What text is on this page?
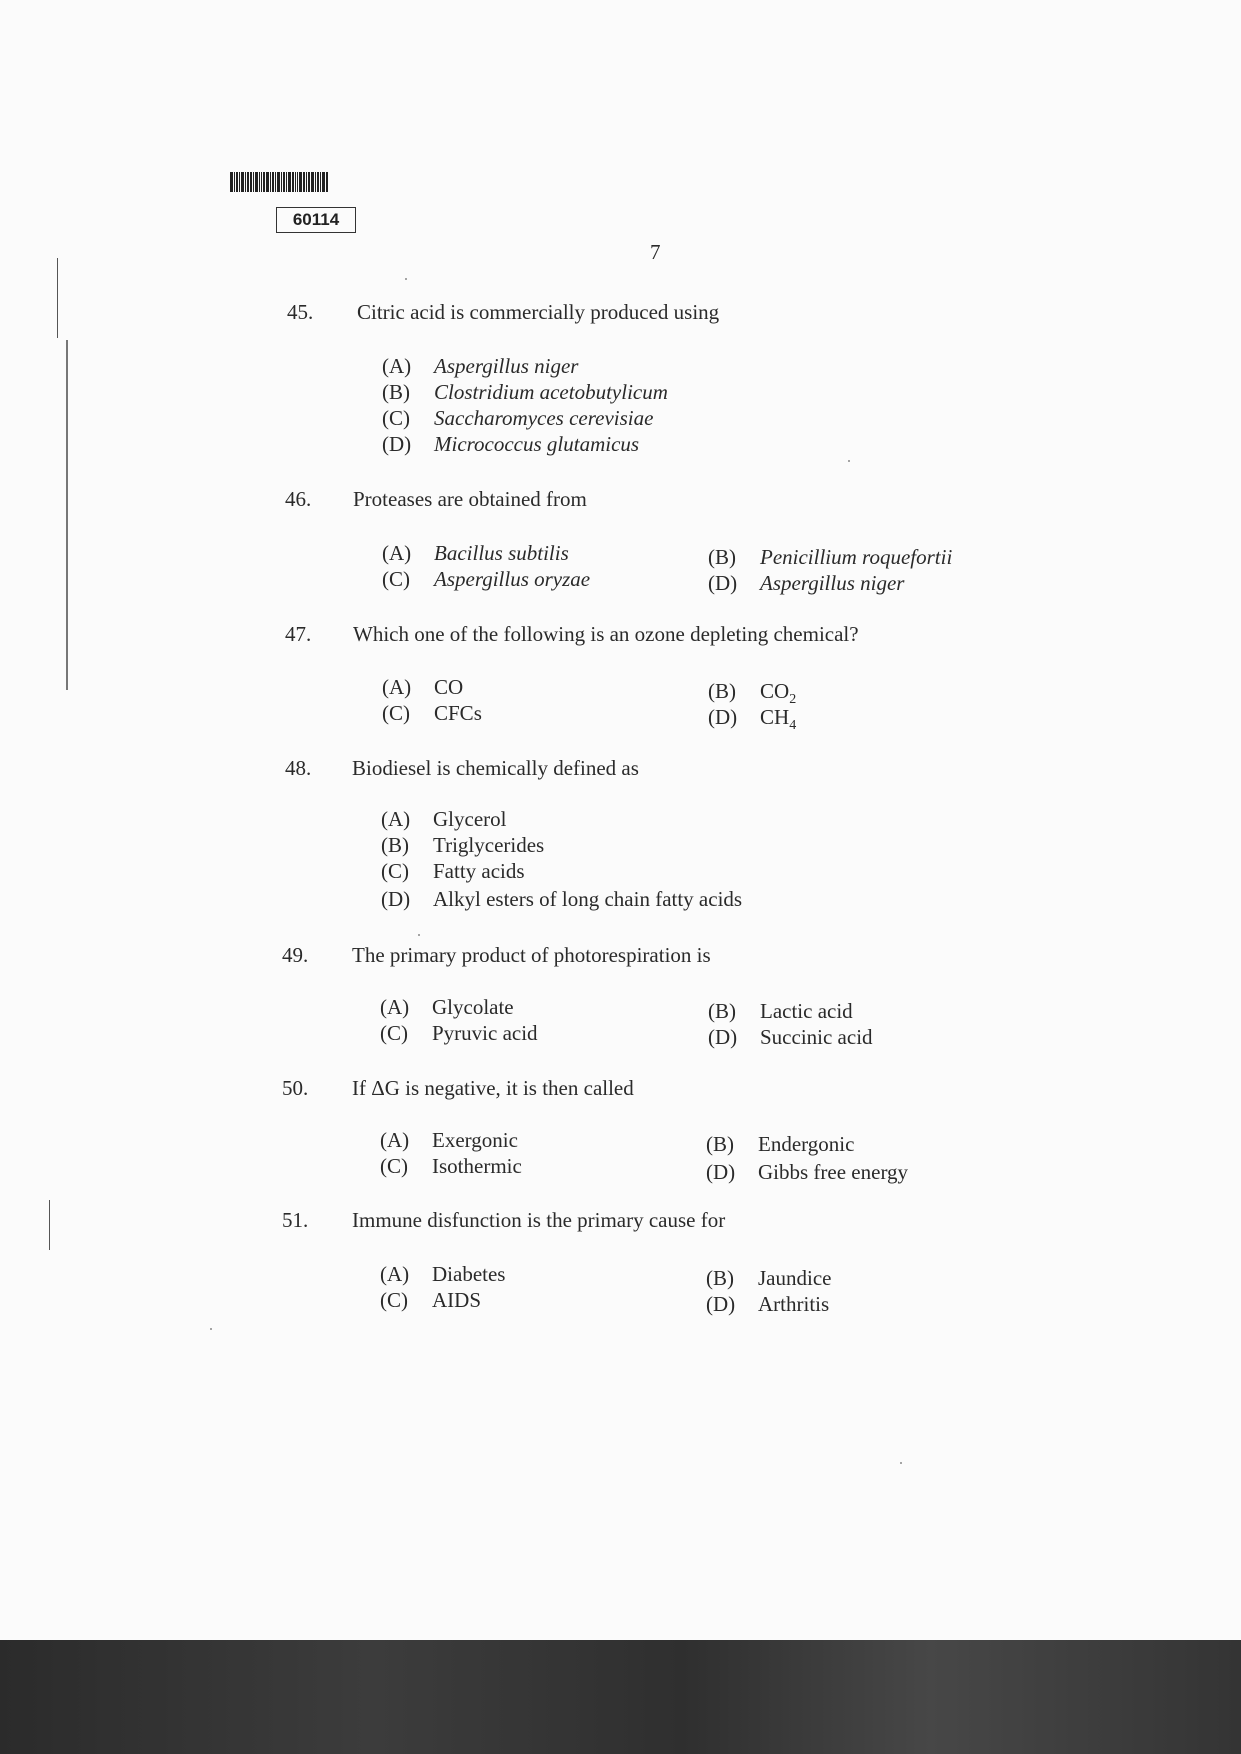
60114
7
45. Citric acid is commercially produced using
(A) Aspergillus niger
(B) Clostridium acetobutylicum
(C) Saccharomyces cerevisiae
(D) Micrococcus glutamicus
46. Proteases are obtained from
(A) Bacillus subtilis	(B) Penicillium roquefortii
(C) Aspergillus oryzae	(D) Aspergillus niger
47. Which one of the following is an ozone depleting chemical?
(A) CO	(B) $CO_2$
(C) CFCs	(D) $CH_4$
48. Biodiesel is chemically defined as
(A) Glycerol
(B) Triglycerides
(C) Fatty acids
(D) Alkyl esters of long chain fatty acids
49. The primary product of photorespiration is
(A) Glycolate	(B) Lactic acid
(C) Pyruvic acid	(D) Succinic acid
50. If ΔG is negative, it is then called
(A) Exergonic	(B) Endergonic
(C) Isothermic	(D) Gibbs free energy
51. Immune disfunction is the primary cause for
(A) Diabetes	(B) Jaundice
(C) AIDS	(D) Arthritis
